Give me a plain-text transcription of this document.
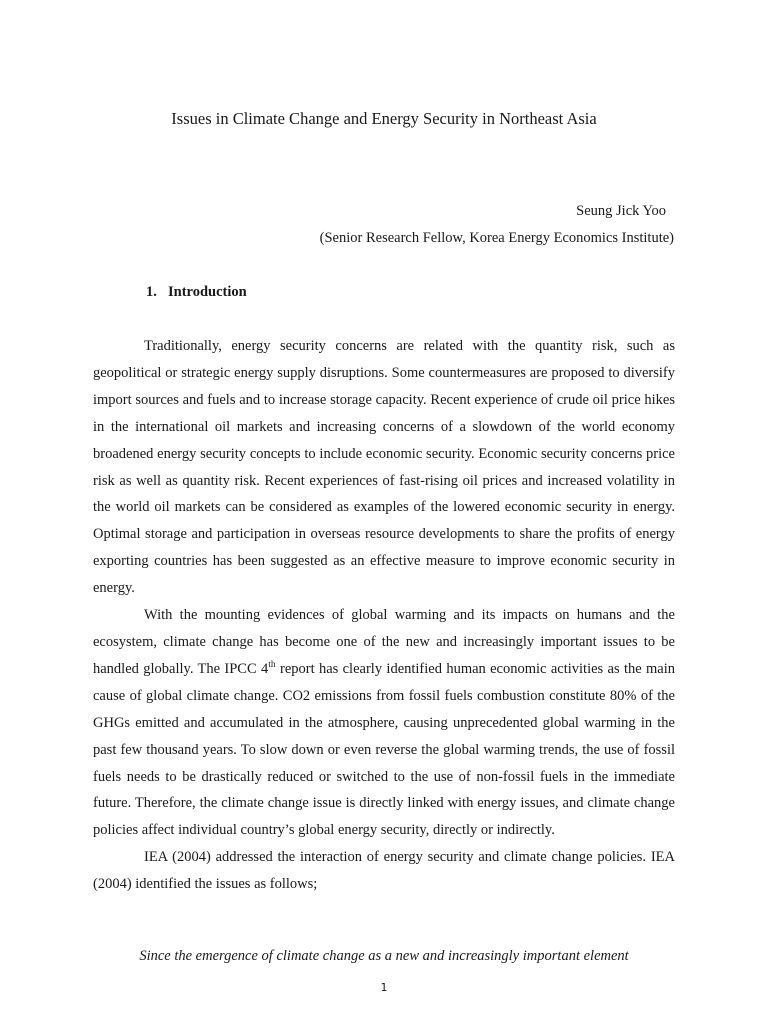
Issues in Climate Change and Energy Security in Northeast Asia
Seung Jick Yoo
(Senior Research Fellow, Korea Energy Economics Institute)
1. Introduction

Traditionally, energy security concerns are related with the quantity risk, such as geopolitical or strategic energy supply disruptions. Some countermeasures are proposed to diversify import sources and fuels and to increase storage capacity. Recent experience of crude oil price hikes in the international oil markets and increasing concerns of a slowdown of the world economy broadened energy security concepts to include economic security. Economic security concerns price risk as well as quantity risk. Recent experiences of fast-rising oil prices and increased volatility in the world oil markets can be considered as examples of the lowered economic security in energy. Optimal storage and participation in overseas resource developments to share the profits of energy exporting countries has been suggested as an effective measure to improve economic security in energy.

With the mounting evidences of global warming and its impacts on humans and the ecosystem, climate change has become one of the new and increasingly important issues to be handled globally. The IPCC 4th report has clearly identified human economic activities as the main cause of global climate change. CO2 emissions from fossil fuels combustion constitute 80% of the GHGs emitted and accumulated in the atmosphere, causing unprecedented global warming in the past few thousand years. To slow down or even reverse the global warming trends, the use of fossil fuels needs to be drastically reduced or switched to the use of non-fossil fuels in the immediate future. Therefore, the climate change issue is directly linked with energy issues, and climate change policies affect individual country’s global energy security, directly or indirectly.

IEA (2004) addressed the interaction of energy security and climate change policies. IEA (2004) identified the issues as follows;

Since the emergence of climate change as a new and increasingly important element
1
